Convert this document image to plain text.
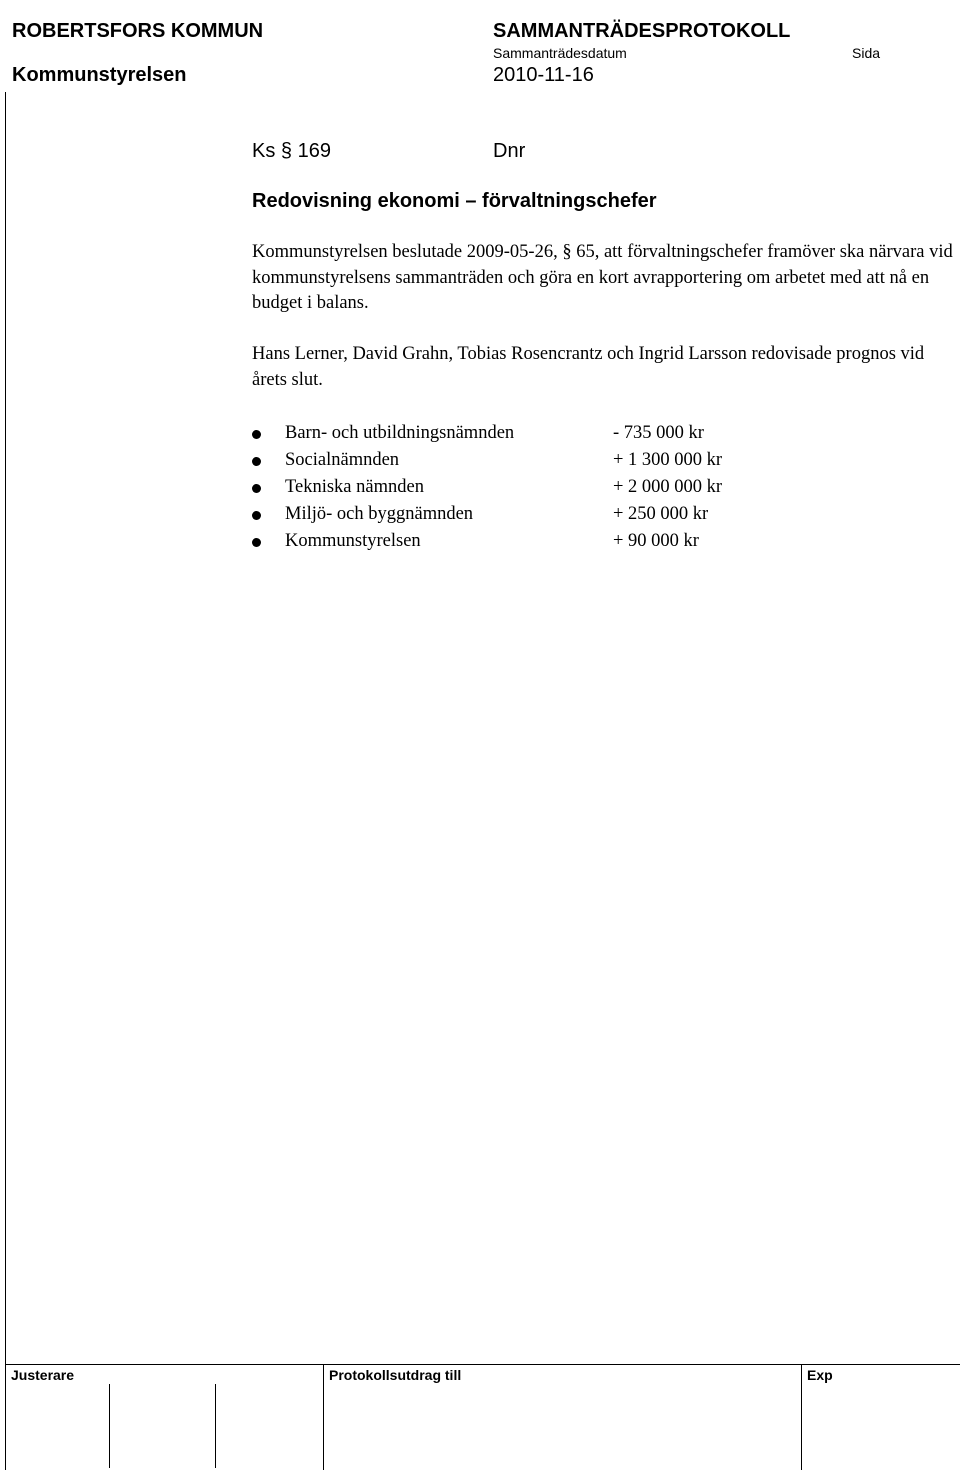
ROBERTSFORS KOMMUN
Kommunstyrelsen
SAMMANTRÄDESPROTOKOLL
Sammanträdesdatum	Sida
2010-11-16
Ks § 169	Dnr
Redovisning ekonomi – förvaltningschefer
Kommunstyrelsen beslutade 2009-05-26, § 65, att förvaltningschefer framöver ska närvara vid kommunstyrelsens sammanträden och göra en kort avrapportering om arbetet med att nå en budget i balans.
Hans Lerner, David Grahn, Tobias Rosencrantz och Ingrid Larsson redovisade prognos vid årets slut.
Barn- och utbildningsnämnden	- 735 000 kr
Socialnämnden	+ 1 300 000 kr
Tekniska nämnden	+ 2 000 000 kr
Miljö- och byggnämnden	+ 250 000 kr
Kommunstyrelsen	+ 90 000 kr
Justerare	Protokollsutdrag till	Exp
